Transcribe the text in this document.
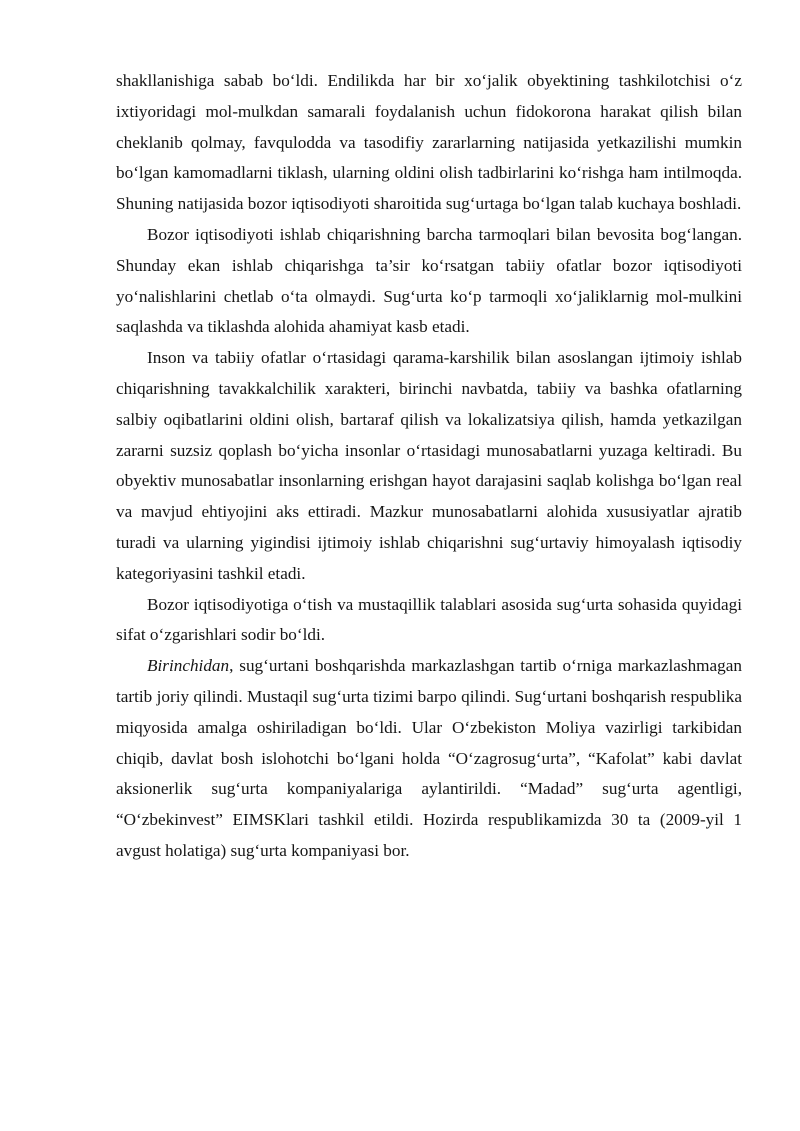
shakllanishiga sabab bo‘ldi. Endilikda har bir xo‘jalik obyektining tashkilotchisi o‘z ixtiyoridagi mol-mulkdan samarali foydalanish uchun fidokorona harakat qilish bilan cheklanib qolmay, favqulodda va tasodifiy zararlarning natijasida yetkazilishi mumkin bo‘lgan kamomadlarni tiklash, ularning oldini olish tadbirlarini ko‘rishga ham intilmoqda. Shuning natijasida bozor iqtisodiyoti sharoitida sug‘urtaga bo‘lgan talab kuchaya boshladi.

Bozor iqtisodiyoti ishlab chiqarishning barcha tarmoqlari bilan bevosita bog‘langan. Shunday ekan ishlab chiqarishga ta’sir ko‘rsatgan tabiiy ofatlar bozor iqtisodiyoti yo‘nalishlarini chetlab o‘ta olmaydi. Sug‘urta ko‘p tarmoqli xo‘jaliklarnig mol-mulkini saqlashda va tiklashda alohida ahamiyat kasb etadi.

Inson va tabiiy ofatlar o‘rtasidagi qarama-karshilik bilan asoslangan ijtimoiy ishlab chiqarishning tavakkalchilik xarakteri, birinchi navbatda, tabiiy va bashka ofatlarning salbiy oqibatlarini oldini olish, bartaraf qilish va lokalizatsiya qilish, hamda yetkazilgan zararni suzsiz qoplash bo‘yicha insonlar o‘rtasidagi munosabatlarni yuzaga keltiradi. Bu obyektiv munosabatlar insonlarning erishgan hayot darajasini saqlab kolishga bo‘lgan real va mavjud ehtiyojini aks ettiradi. Mazkur munosabatlarni alohida xususiyatlar ajratib turadi va ularning yigindisi ijtimoiy ishlab chiqarishni sug‘urtaviy himoyalash iqtisodiy kategoriyasini tashkil etadi.

Bozor iqtisodiyotiga o‘tish va mustaqillik talablari asosida sug‘urta sohasida quyidagi sifat o‘zgarishlari sodir bo‘ldi.

Birinchidan, sug‘urtani boshqarishda markazlashgan tartib o‘rniga markazlashmagan tartib joriy qilindi. Mustaqil sug‘urta tizimi barpo qilindi. Sug‘urtani boshqarish respublika miqyosida amalga oshiriladigan bo‘ldi. Ular O‘zbekiston Moliya vazirligi tarkibidan chiqib, davlat bosh islohotchi bo‘lgani holda “O‘zagrosug‘urta”, “Kafolat” kabi davlat aksionerlik sug‘urta kompaniyalariga aylantirildi. “Madad” sug‘urta agentligi, “O‘zbekinvest” EIMSKlari tashkil etildi. Hozirda respublikamizda 30 ta (2009-yil 1 avgust holatiga) sug‘urta kompaniyasi bor.
